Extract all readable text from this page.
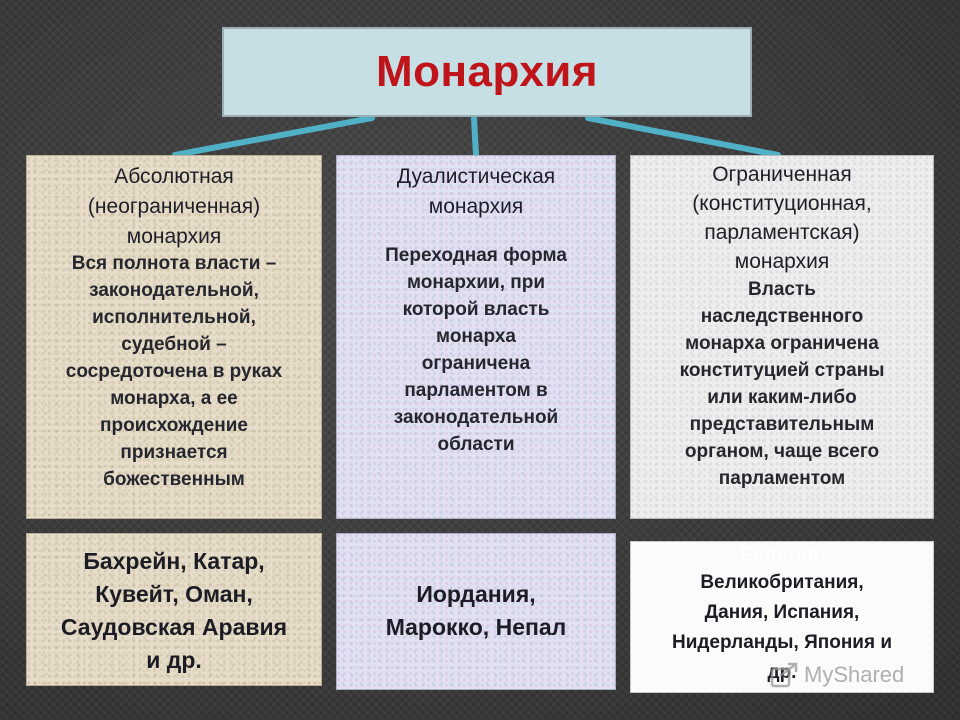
Монархия
Абсолютная
(неограниченная)
монархия
Вся полнота власти –
законодательной,
исполнительной,
судебной –
сосредоточена в руках
монарха, а ее
происхождение
признается
божественным
Дуалистическая
монархия
Переходная форма
монархии, при
которой власть
монарха
ограничена
парламентом в
законодательной
области
Ограниченная
(конституционная,
парламентская)
монархия
Власть
наследственного
монарха ограничена
конституцией страны
или каким-либо
представительным
органом, чаще всего
парламентом
Бахрейн, Катар,
Кувейт, Оман,
Саудовская Аравия
и др.
Иордания,
Марокко, Непал
Бельгия,
Великобритания,
Дания, Испания,
Нидерланды, Япония и
др. MyShared
